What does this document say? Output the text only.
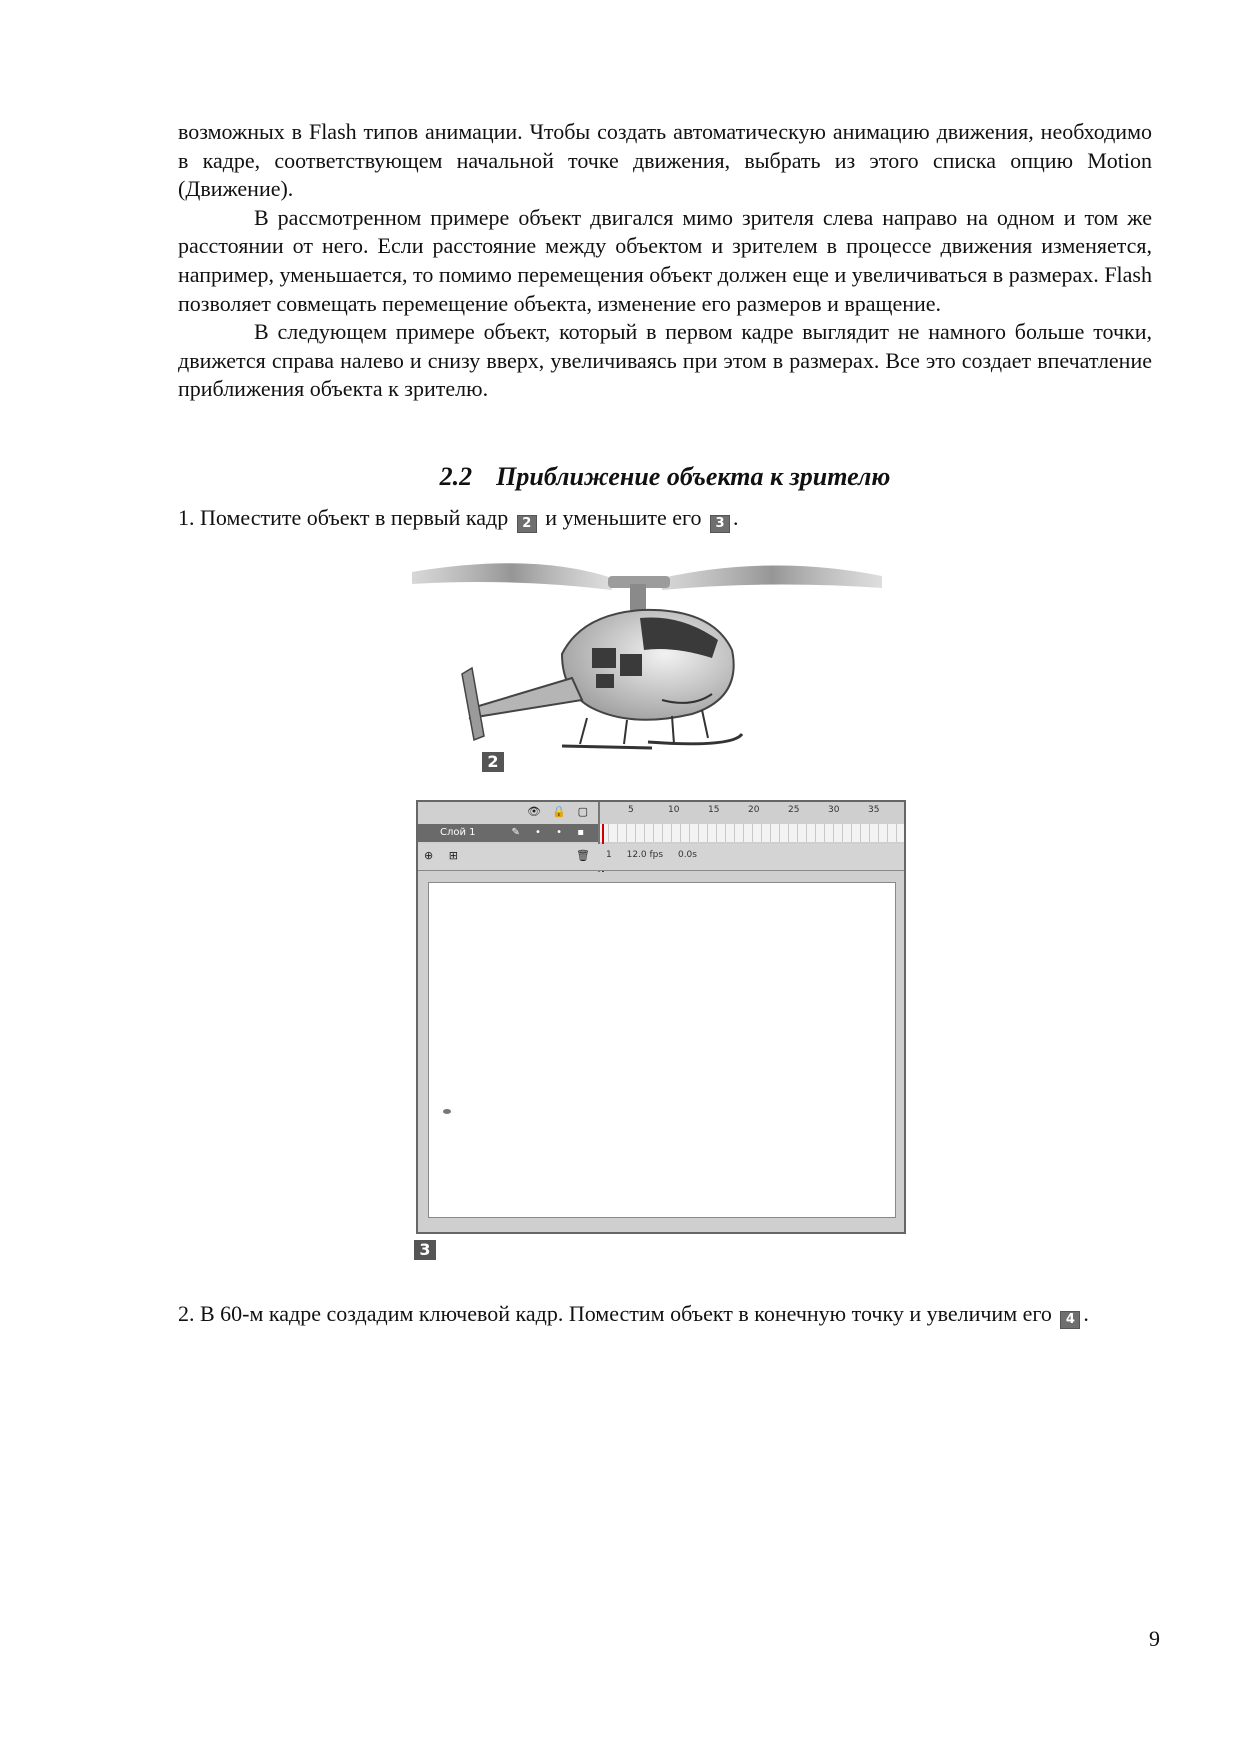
возможных в Flash типов анимации. Чтобы создать автоматическую анимацию движения, необходимо в кадре, соответствующем начальной точке движения, выбрать из этого списка опцию Motion (Движение).

В рассмотренном примере объект двигался мимо зрителя слева направо на одном и том же расстоянии от него. Если расстояние между объектом и зрителем в процессе движения изменяется, например, уменьшается, то помимо перемещения объект должен еще и увеличиваться в размерах. Flash позволяет совмещать перемещение объекта, изменение его размеров и вращение.

В следующем примере объект, который в первом кадре выглядит не намного больше точки, движется справа налево и снизу вверх, увеличиваясь при этом в размерах. Все это создает впечатление приближения объекта к зрителю.

2.2 Приближение объекта к зрителю
1. Поместите объект в первый кадр 2 и уменьшите его 3 .
2
👁 🔒 ▢	5	10	15	20	25	30	35
Слой 1	✎ • • ▪
⊕ ⊞	🗑 1 12.0 fps 0.0s
3
2. В 60-м кадре создадим ключевой кадр. Поместим объект в конечную точку и увеличим его 4 .
9
